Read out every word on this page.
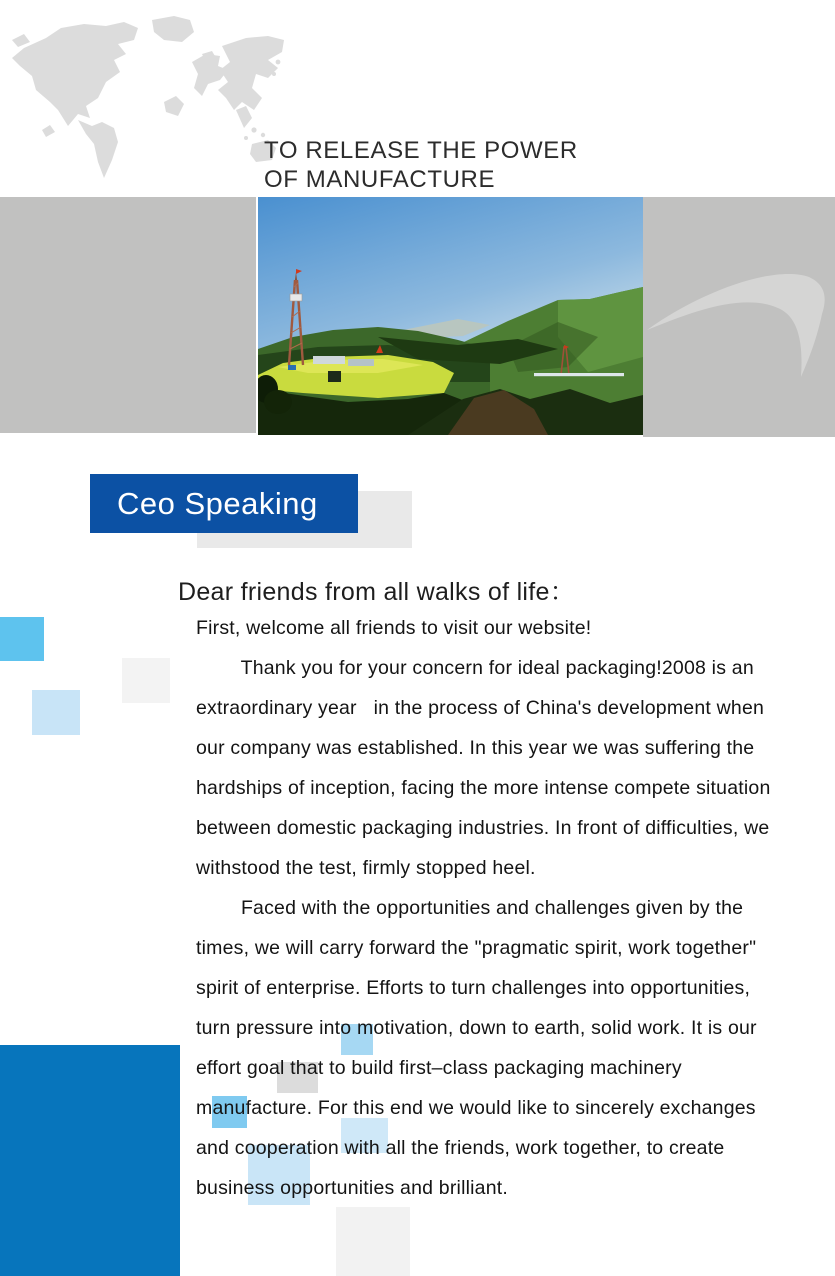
TO RELEASE THE POWER
OF MANUFACTURE
Ceo Speaking
Dear friends from all walks of life：
First, welcome all friends to visit our website!
Thank you for your concern for ideal packaging!2008 is an
extraordinary year   in the process of China's development when
our company was established. In this year we was suffering the
hardships of inception, facing the more intense compete situation
between domestic packaging industries. In front of difficulties, we
withstood the test, firmly stopped heel.
Faced with the opportunities and challenges given by the
times, we will carry forward the "pragmatic spirit, work together"
spirit of enterprise. Efforts to turn challenges into opportunities,
turn pressure into motivation, down to earth, solid work. It is our
effort goal that to build first–class packaging machinery
manufacture. For this end we would like to sincerely exchanges
and cooperation with all the friends, work together, to create
business opportunities and brilliant.
